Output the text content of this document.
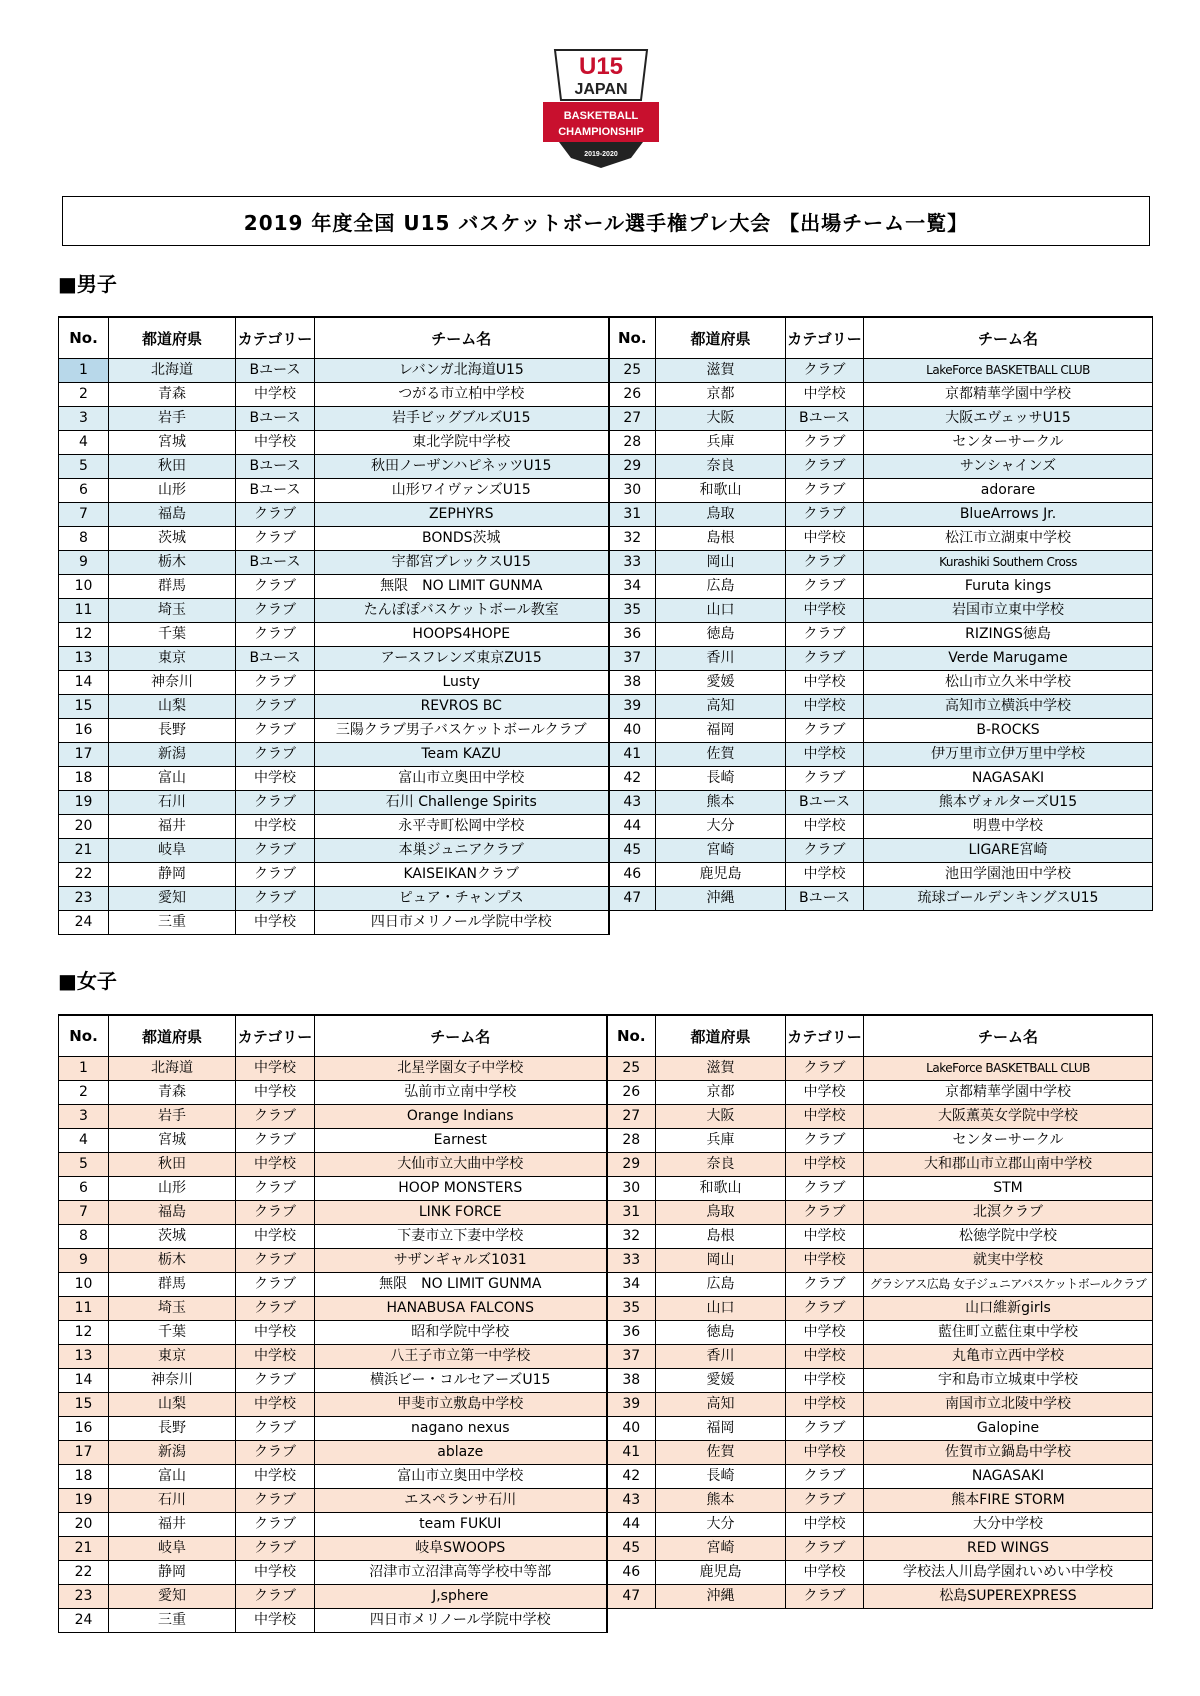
U15
JAPAN
BASKETBALL
CHAMPIONSHIP
2019-2020
2019 年度全国 U15 バスケットボール選手権プレ大会 【出場チーム一覧】
■男子
No.	都道府県	カテゴリー	チーム名	No.	都道府県	カテゴリー	チーム名
1	北海道	Bユース	レバンガ北海道U15	25	滋賀	クラブ	LakeForce BASKETBALL CLUB
2	青森	中学校	つがる市立柏中学校	26	京都	中学校	京都精華学園中学校
3	岩手	Bユース	岩手ビッグブルズU15	27	大阪	Bユース	大阪エヴェッサU15
4	宮城	中学校	東北学院中学校	28	兵庫	クラブ	センターサークル
5	秋田	Bユース	秋田ノーザンハピネッツU15	29	奈良	クラブ	サンシャインズ
6	山形	Bユース	山形ワイヴァンズU15	30	和歌山	クラブ	adorare
7	福島	クラブ	ZEPHYRS	31	鳥取	クラブ	BlueArrows Jr.
8	茨城	クラブ	BONDS茨城	32	島根	中学校	松江市立湖東中学校
9	栃木	Bユース	宇都宮ブレックスU15	33	岡山	クラブ	Kurashiki Southern Cross
10	群馬	クラブ	無限　NO LIMIT GUNMA	34	広島	クラブ	Furuta kings
11	埼玉	クラブ	たんぽぽバスケットボール教室	35	山口	中学校	岩国市立東中学校
12	千葉	クラブ	HOOPS4HOPE	36	徳島	クラブ	RIZINGS徳島
13	東京	Bユース	アースフレンズ東京ZU15	37	香川	クラブ	Verde Marugame
14	神奈川	クラブ	Lusty	38	愛媛	中学校	松山市立久米中学校
15	山梨	クラブ	REVROS BC	39	高知	中学校	高知市立横浜中学校
16	長野	クラブ	三陽クラブ男子バスケットボールクラブ	40	福岡	クラブ	B-ROCKS
17	新潟	クラブ	Team KAZU	41	佐賀	中学校	伊万里市立伊万里中学校
18	富山	中学校	富山市立奥田中学校	42	長崎	クラブ	NAGASAKI
19	石川	クラブ	石川 Challenge Spirits	43	熊本	Bユース	熊本ヴォルターズU15
20	福井	中学校	永平寺町松岡中学校	44	大分	中学校	明豊中学校
21	岐阜	クラブ	本巣ジュニアクラブ	45	宮崎	クラブ	LIGARE宮崎
22	静岡	クラブ	KAISEIKANクラブ	46	鹿児島	中学校	池田学園池田中学校
23	愛知	クラブ	ピュア・チャンプス	47	沖縄	Bユース	琉球ゴールデンキングスU15
24	三重	中学校	四日市メリノール学院中学校				
■女子
No.	都道府県	カテゴリー	チーム名	No.	都道府県	カテゴリー	チーム名
1	北海道	中学校	北星学園女子中学校	25	滋賀	クラブ	LakeForce BASKETBALL CLUB
2	青森	中学校	弘前市立南中学校	26	京都	中学校	京都精華学園中学校
3	岩手	クラブ	Orange Indians	27	大阪	中学校	大阪薫英女学院中学校
4	宮城	クラブ	Earnest	28	兵庫	クラブ	センターサークル
5	秋田	中学校	大仙市立大曲中学校	29	奈良	中学校	大和郡山市立郡山南中学校
6	山形	クラブ	HOOP MONSTERS	30	和歌山	クラブ	STM
7	福島	クラブ	LINK FORCE	31	鳥取	クラブ	北溟クラブ
8	茨城	中学校	下妻市立下妻中学校	32	島根	中学校	松徳学院中学校
9	栃木	クラブ	サザンギャルズ1031	33	岡山	中学校	就実中学校
10	群馬	クラブ	無限　NO LIMIT GUNMA	34	広島	クラブ	グラシアス広島 女子ジュニアバスケットボールクラブ
11	埼玉	クラブ	HANABUSA FALCONS	35	山口	クラブ	山口維新girls
12	千葉	中学校	昭和学院中学校	36	徳島	中学校	藍住町立藍住東中学校
13	東京	中学校	八王子市立第一中学校	37	香川	中学校	丸亀市立西中学校
14	神奈川	クラブ	横浜ビー・コルセアーズU15	38	愛媛	中学校	宇和島市立城東中学校
15	山梨	中学校	甲斐市立敷島中学校	39	高知	中学校	南国市立北陵中学校
16	長野	クラブ	nagano nexus	40	福岡	クラブ	Galopine
17	新潟	クラブ	ablaze	41	佐賀	中学校	佐賀市立鍋島中学校
18	富山	中学校	富山市立奥田中学校	42	長崎	クラブ	NAGASAKI
19	石川	クラブ	エスペランサ石川	43	熊本	クラブ	熊本FIRE STORM
20	福井	クラブ	team FUKUI	44	大分	中学校	大分中学校
21	岐阜	クラブ	岐阜SWOOPS	45	宮崎	クラブ	RED WINGS
22	静岡	中学校	沼津市立沼津高等学校中等部	46	鹿児島	中学校	学校法人川島学園れいめい中学校
23	愛知	クラブ	J,sphere	47	沖縄	クラブ	松島SUPEREXPRESS
24	三重	中学校	四日市メリノール学院中学校				
